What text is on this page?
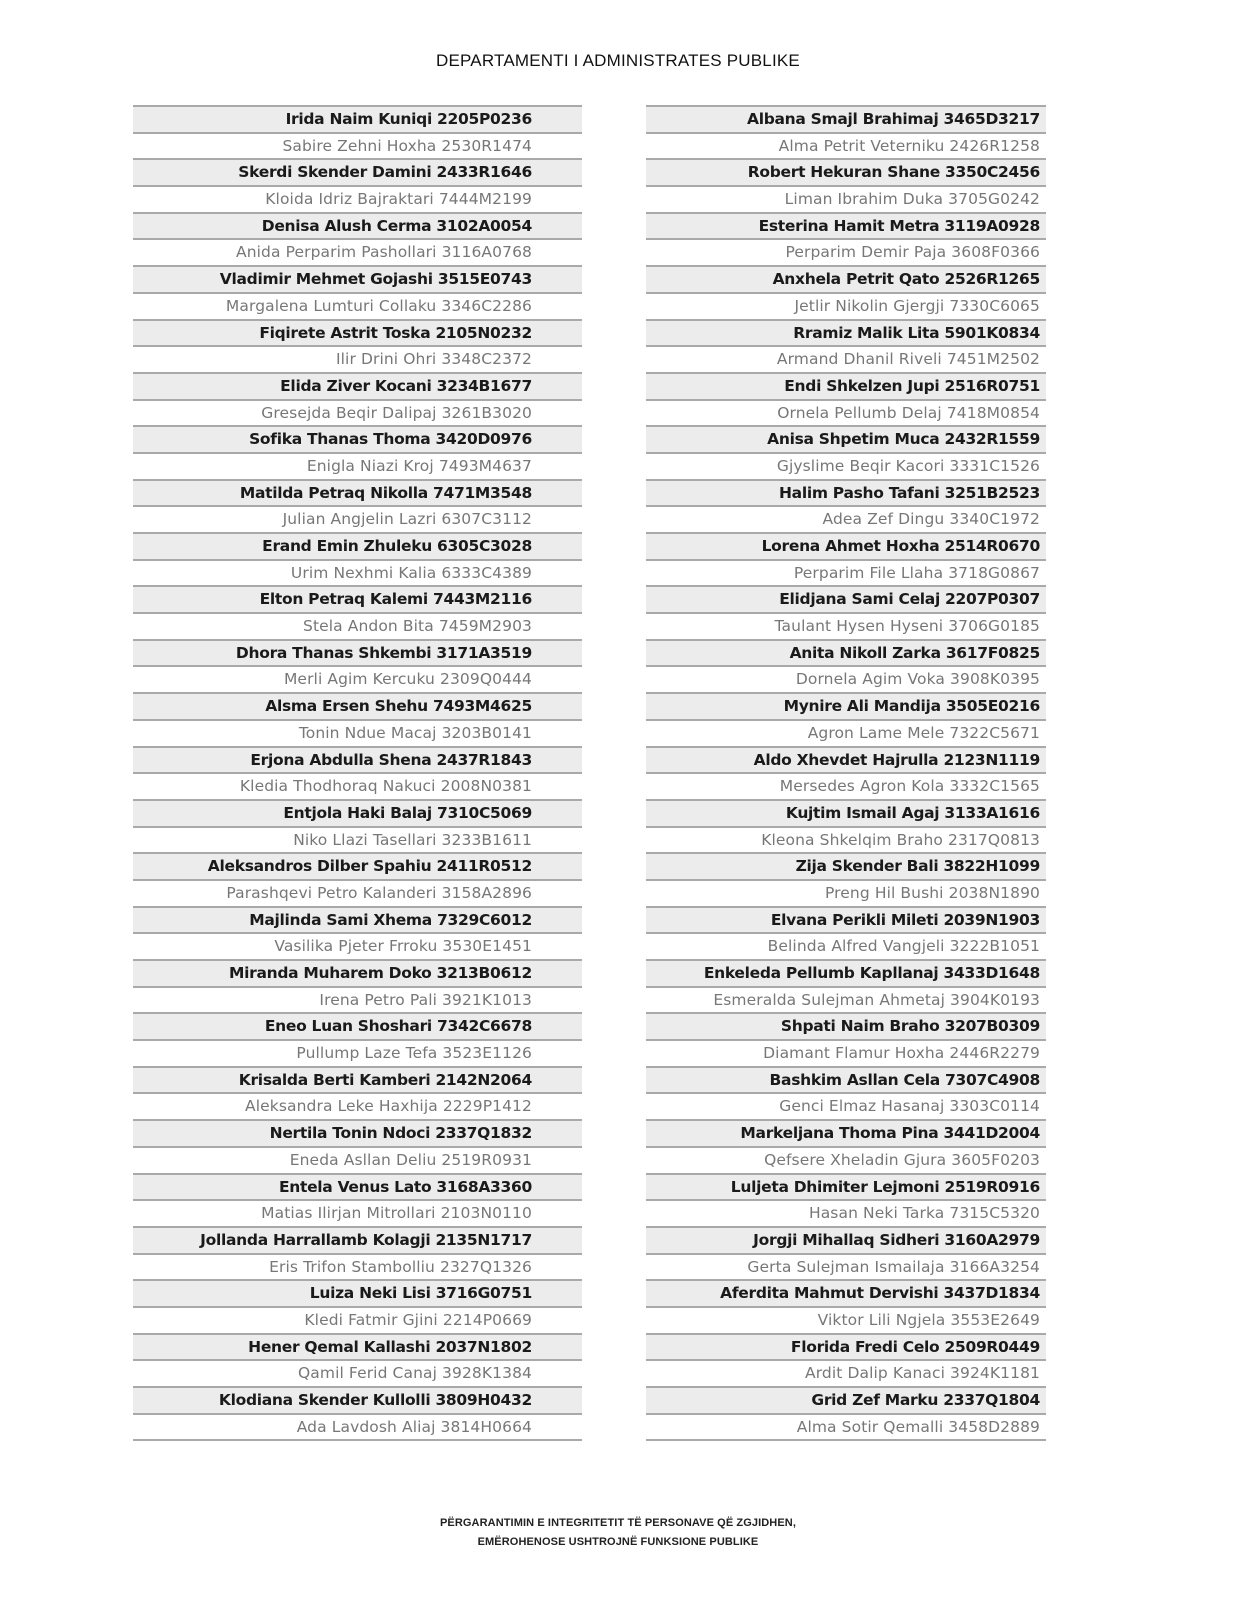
DEPARTAMENTI I ADMINISTRATES PUBLIKE
Irida Naim Kuniqi 2205P0236
Sabire Zehni Hoxha 2530R1474
Skerdi Skender Damini 2433R1646
Kloida Idriz Bajraktari 7444M2199
Denisa Alush Cerma 3102A0054
Anida Perparim Pashollari 3116A0768
Vladimir Mehmet Gojashi 3515E0743
Margalena Lumturi Collaku 3346C2286
Fiqirete Astrit Toska 2105N0232
Ilir Drini Ohri 3348C2372
Elida Ziver Kocani 3234B1677
Gresejda Beqir Dalipaj 3261B3020
Sofika Thanas Thoma 3420D0976
Enigla Niazi Kroj 7493M4637
Matilda Petraq Nikolla 7471M3548
Julian Angjelin Lazri 6307C3112
Erand Emin Zhuleku 6305C3028
Urim Nexhmi Kalia 6333C4389
Elton Petraq Kalemi 7443M2116
Stela Andon Bita 7459M2903
Dhora Thanas Shkembi 3171A3519
Merli Agim Kercuku 2309Q0444
Alsma Ersen Shehu 7493M4625
Tonin Ndue Macaj 3203B0141
Erjona Abdulla Shena 2437R1843
Kledia Thodhoraq Nakuci 2008N0381
Entjola Haki Balaj 7310C5069
Niko Llazi Tasellari 3233B1611
Aleksandros Dilber Spahiu 2411R0512
Parashqevi Petro Kalanderi 3158A2896
Majlinda Sami Xhema 7329C6012
Vasilika Pjeter Frroku 3530E1451
Miranda Muharem Doko 3213B0612
Irena Petro Pali 3921K1013
Eneo Luan Shoshari 7342C6678
Pullump Laze Tefa 3523E1126
Krisalda Berti Kamberi 2142N2064
Aleksandra Leke Haxhija 2229P1412
Nertila Tonin Ndoci 2337Q1832
Eneda Asllan Deliu 2519R0931
Entela Venus Lato 3168A3360
Matias Ilirjan Mitrollari 2103N0110
Jollanda Harrallamb Kolagji 2135N1717
Eris Trifon Stambolliu 2327Q1326
Luiza Neki Lisi 3716G0751
Kledi Fatmir Gjini 2214P0669
Hener Qemal Kallashi 2037N1802
Qamil Ferid Canaj 3928K1384
Klodiana Skender Kullolli 3809H0432
Ada Lavdosh Aliaj 3814H0664
Albana Smajl Brahimaj 3465D3217
Alma Petrit Veterniku 2426R1258
Robert Hekuran Shane 3350C2456
Liman Ibrahim Duka 3705G0242
Esterina Hamit Metra 3119A0928
Perparim Demir Paja 3608F0366
Anxhela Petrit Qato 2526R1265
Jetlir Nikolin Gjergji 7330C6065
Rramiz Malik Lita 5901K0834
Armand Dhanil Riveli 7451M2502
Endi Shkelzen Jupi 2516R0751
Ornela Pellumb Delaj 7418M0854
Anisa Shpetim Muca 2432R1559
Gjyslime Beqir Kacori 3331C1526
Halim Pasho Tafani 3251B2523
Adea Zef Dingu 3340C1972
Lorena Ahmet Hoxha 2514R0670
Perparim File Llaha 3718G0867
Elidjana Sami Celaj 2207P0307
Taulant Hysen Hyseni 3706G0185
Anita Nikoll Zarka 3617F0825
Dornela Agim Voka 3908K0395
Mynire Ali Mandija 3505E0216
Agron Lame Mele 7322C5671
Aldo Xhevdet Hajrulla 2123N1119
Mersedes Agron Kola 3332C1565
Kujtim Ismail Agaj 3133A1616
Kleona Shkelqim Braho 2317Q0813
Zija Skender Bali 3822H1099
Preng Hil Bushi 2038N1890
Elvana Perikli Mileti 2039N1903
Belinda Alfred Vangjeli 3222B1051
Enkeleda Pellumb Kapllanaj 3433D1648
Esmeralda Sulejman Ahmetaj 3904K0193
Shpati Naim Braho 3207B0309
Diamant Flamur Hoxha 2446R2279
Bashkim Asllan Cela 7307C4908
Genci Elmaz Hasanaj 3303C0114
Markeljana Thoma Pina 3441D2004
Qefsere Xheladin Gjura 3605F0203
Luljeta Dhimiter Lejmoni 2519R0916
Hasan Neki Tarka 7315C5320
Jorgji Mihallaq Sidheri 3160A2979
Gerta Sulejman Ismailaja 3166A3254
Aferdita Mahmut Dervishi 3437D1834
Viktor Lili Ngjela 3553E2649
Florida Fredi Celo 2509R0449
Ardit Dalip Kanaci 3924K1181
Grid Zef Marku 2337Q1804
Alma Sotir Qemalli 3458D2889
PËRGARANTIMIN E INTEGRITETIT TË PERSONAVE QË ZGJIDHEN,
EMËROHENOSE USHTROJNË FUNKSIONE PUBLIKE
